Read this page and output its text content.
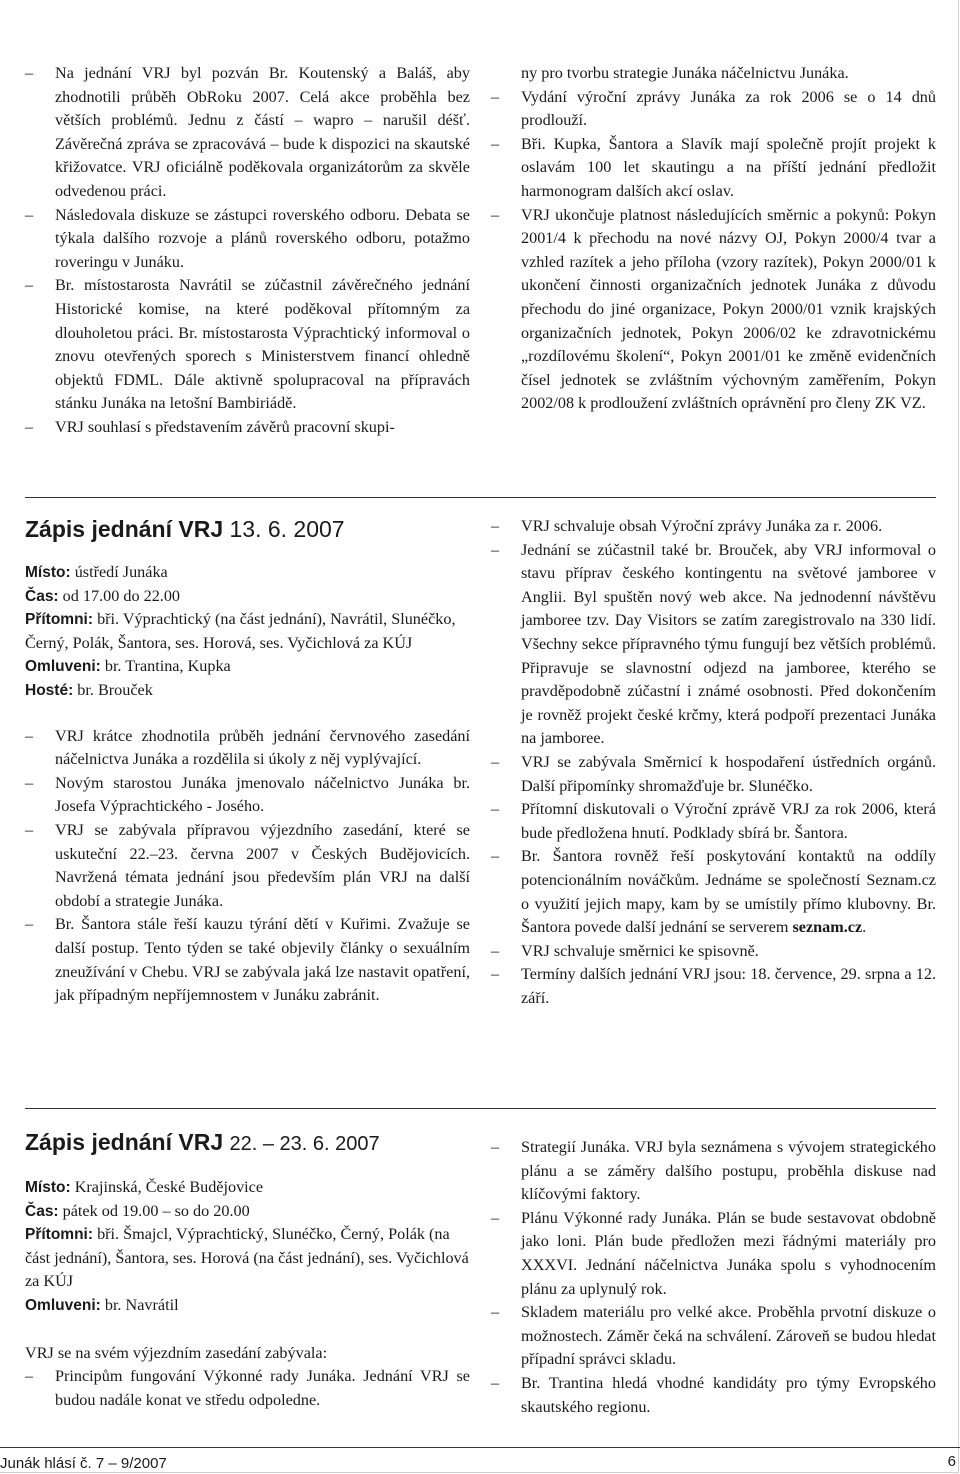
– Na jednání VRJ byl pozván Br. Koutenský a Baláš, aby zhodnotili průběh ObRoku 2007. Celá akce proběhla bez větších problémů. Jednu z částí – wapro – narušil déšť. Závěrečná zpráva se zpracovává – bude k dispozici na skautské křižovatce. VRJ oficiálně poděkovala organizátorům za skvěle odvedenou práci.
– Následovala diskuze se zástupci roverského odboru. Debata se týkala dalšího rozvoje a plánů roverského odboru, potažmo roveringu v Junáku.
– Br. místostarosta Navrátil se zúčastnil závěrečného jednání Historické komise, na které poděkoval přítomným za dlouholetou práci. Br. místostarosta Výprachtický informoval o znovu otevřených sporech s Ministerstvem financí ohledně objektů FDML. Dále aktivně spolupracoval na přípravách stánku Junáka na letošní Bambiriádě.
– VRJ souhlasí s představením závěrů pracovní skupi-

ny pro tvorbu strategie Junáka náčelnictvu Junáka.

– Vydání výroční zprávy Junáka za rok 2006 se o 14 dnů prodlouží.
– Bři. Kupka, Šantora a Slavík mají společně projít projekt k oslavám 100 let skautingu a na příští jednání předložit harmonogram dalších akcí oslav.
– VRJ ukončuje platnost následujících směrnic a pokynů: Pokyn 2001/4 k přechodu na nové názvy OJ, Pokyn 2000/4 tvar a vzhled razítek a jeho příloha (vzory razítek), Pokyn 2000/01 k ukončení činnosti organizačních jednotek Junáka z důvodu přechodu do jiné organizace, Pokyn 2000/01 vznik krajských organizačních jednotek, Pokyn 2006/02 ke zdravotnickému „rozdílovému školení“, Pokyn 2001/01 ke změně evidenčních čísel jednotek se zvláštním výchovným zaměřením, Pokyn 2002/08 k prodloužení zvláštních oprávnění pro členy ZK VZ.
Zápis jednání VRJ 13. 6. 2007

Místo: ústředí Junáka

Čas: od 17.00 do 22.00

Přítomni: bři. Výprachtický (na část jednání), Navrátil, Slunéčko, Černý, Polák, Šantora, ses. Horová, ses. Vyčichlová za KÚJ

Omluveni: br. Trantina, Kupka

Hosté: br. Brouček

– VRJ krátce zhodnotila průběh jednání červnového zasedání náčelnictva Junáka a rozdělila si úkoly z něj vyplývající.
– Novým starostou Junáka jmenovalo náčelnictvo Junáka br. Josefa Výprachtického - Josého.
– VRJ se zabývala přípravou výjezdního zasedání, které se uskuteční 22.–23. června 2007 v Českých Budějovicích. Navržená témata jednání jsou především plán VRJ na další období a strategie Junáka.
– Br. Šantora stále řeší kauzu týrání dětí v Kuřimi. Zvažuje se další postup. Tento týden se také objevily články o sexuálním zneužívání v Chebu. VRJ se zabývala jaká lze nastavit opatření, jak případným nepříjemnostem v Junáku zabránit.
– VRJ schvaluje obsah Výroční zprávy Junáka za r. 2006.
– Jednání se zúčastnil také br. Brouček, aby VRJ informoval o stavu příprav českého kontingentu na světové jamboree v Anglii. Byl spuštěn nový web akce. Na jednodenní návštěvu jamboree tzv. Day Visitors se zatím zaregistrovalo na 330 lidí. Všechny sekce přípravného týmu fungují bez větších problémů. Připravuje se slavnostní odjezd na jamboree, kterého se pravděpodobně zúčastní i známé osobnosti. Před dokončením je rovněž projekt české krčmy, která podpoří prezentaci Junáka na jamboree.
– VRJ se zabývala Směrnicí k hospodaření ústředních orgánů. Další připomínky shromažďuje br. Slunéčko.
– Přítomní diskutovali o Výroční zprávě VRJ za rok 2006, která bude předložena hnutí. Podklady sbírá br. Šantora.
– Br. Šantora rovněž řeší poskytování kontaktů na oddíly potencionálním nováčkům. Jednáme se společností Seznam.cz o využití jejich mapy, kam by se umístily přímo klubovny. Br. Šantora povede další jednání se serverem seznam.cz.
– VRJ schvaluje směrnici ke spisovně.
– Termíny dalších jednání VRJ jsou: 18. července, 29. srpna a 12. září.
Zápis jednání VRJ 22. – 23. 6. 2007

Místo: Krajinská, České Budějovice

Čas: pátek od 19.00 – so do 20.00

Přítomni: bři. Šmajcl, Výprachtický, Slunéčko, Černý, Polák (na část jednání), Šantora, ses. Horová (na část jednání), ses. Vyčichlová za KÚJ

Omluveni: br. Navrátil

VRJ se na svém výjezdním zasedání zabývala:

– Principům fungování Výkonné rady Junáka. Jednání VRJ se budou nadále konat ve středu odpoledne.
– Strategií Junáka. VRJ byla seznámena s vývojem strategického plánu a se záměry dalšího postupu, proběhla diskuse nad klíčovými faktory.
– Plánu Výkonné rady Junáka. Plán se bude sestavovat obdobně jako loni. Plán bude předložen mezi řádnými materiály pro XXXVI. Jednání náčelnictva Junáka spolu s vyhodnocením plánu za uplynulý rok.
– Skladem materiálu pro velké akce. Proběhla prvotní diskuze o možnostech. Záměr čeká na schválení. Zároveň se budou hledat případní správci skladu.
– Br. Trantina hledá vhodné kandidáty pro týmy Evropského skautského regionu.
Junák hlásí č. 7 – 9/2007	6
